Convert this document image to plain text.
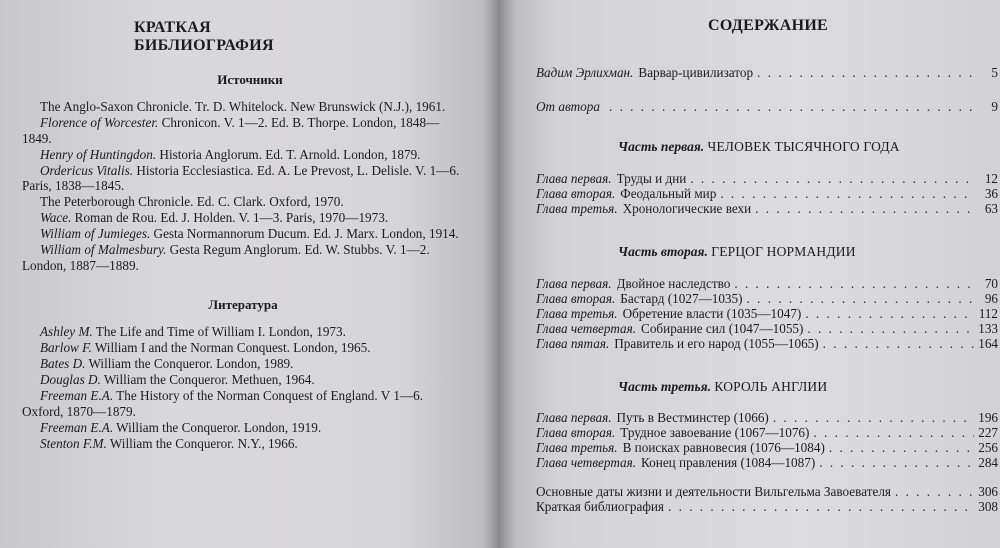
КРАТКАЯ БИБЛИОГРАФИЯ
Источники

The Anglo-Saxon Chronicle. Tr. D. Whitelock. New Brunswick (N.J.), 1961.

Florence of Worcester. Chronicon. V. 1—2. Ed. B. Thorpe. London, 1848—1849.

Henry of Huntingdon. Historia Anglorum. Ed. T. Arnold. London, 1879.

Ordericus Vitalis. Historia Ecclesiastica. Ed. A. Le Prevost, L. Delisle. V. 1—6. Paris, 1838—1845.

The Peterborough Chronicle. Ed. C. Clark. Oxford, 1970.

Wace. Roman de Rou. Ed. J. Holden. V. 1—3. Paris, 1970—1973.

William of Jumieges. Gesta Normannorum Ducum. Ed. J. Marx. London, 1914.

William of Malmesbury. Gesta Regum Anglorum. Ed. W. Stubbs. V. 1—2. London, 1887—1889.

Литература

Ashley M. The Life and Time of William I. London, 1973.

Barlow F. William I and the Norman Conquest. London, 1965.

Bates D. William the Conqueror. London, 1989.

Douglas D. William the Conqueror. Methuen, 1964.

Freeman E.A. The History of the Norman Conquest of England. V 1—6. Oxford, 1870—1879.

Freeman E.A. William the Conqueror. London, 1919.

Stenton F.M. William the Conqueror. N.Y., 1966.

СОДЕРЖАНИЕ
Вадим Эрлихман. Варвар-цивилизатор . . .	5
От автора . . .	9
Часть первая. ЧЕЛОВЕК ТЫСЯЧНОГО ГОДА
Глава первая. Труды и дни . . .	12
Глава вторая. Феодальный мир . . .	36
Глава третья. Хронологические вехи . . .	63
Часть вторая. ГЕРЦОГ НОРМАНДИИ
Глава первая. Двойное наследство . . .	70
Глава вторая. Бастард (1027—1035) . . .	96
Глава третья. Обретение власти (1035—1047) . . .	112
Глава четвертая. Собирание сил (1047—1055) . . .	133
Глава пятая. Правитель и его народ (1055—1065) . . .	164
Часть третья. КОРОЛЬ АНГЛИИ
Глава первая. Путь в Вестминстер (1066) . . .	196
Глава вторая. Трудное завоевание (1067—1076) . . .	227
Глава третья. В поисках равновесия (1076—1084) . . .	256
Глава четвертая. Конец правления (1084—1087) . . .	284
Основные даты жизни и деятельности Вильгельма Завоевателя . . .	306
Краткая библиография . . .	308
